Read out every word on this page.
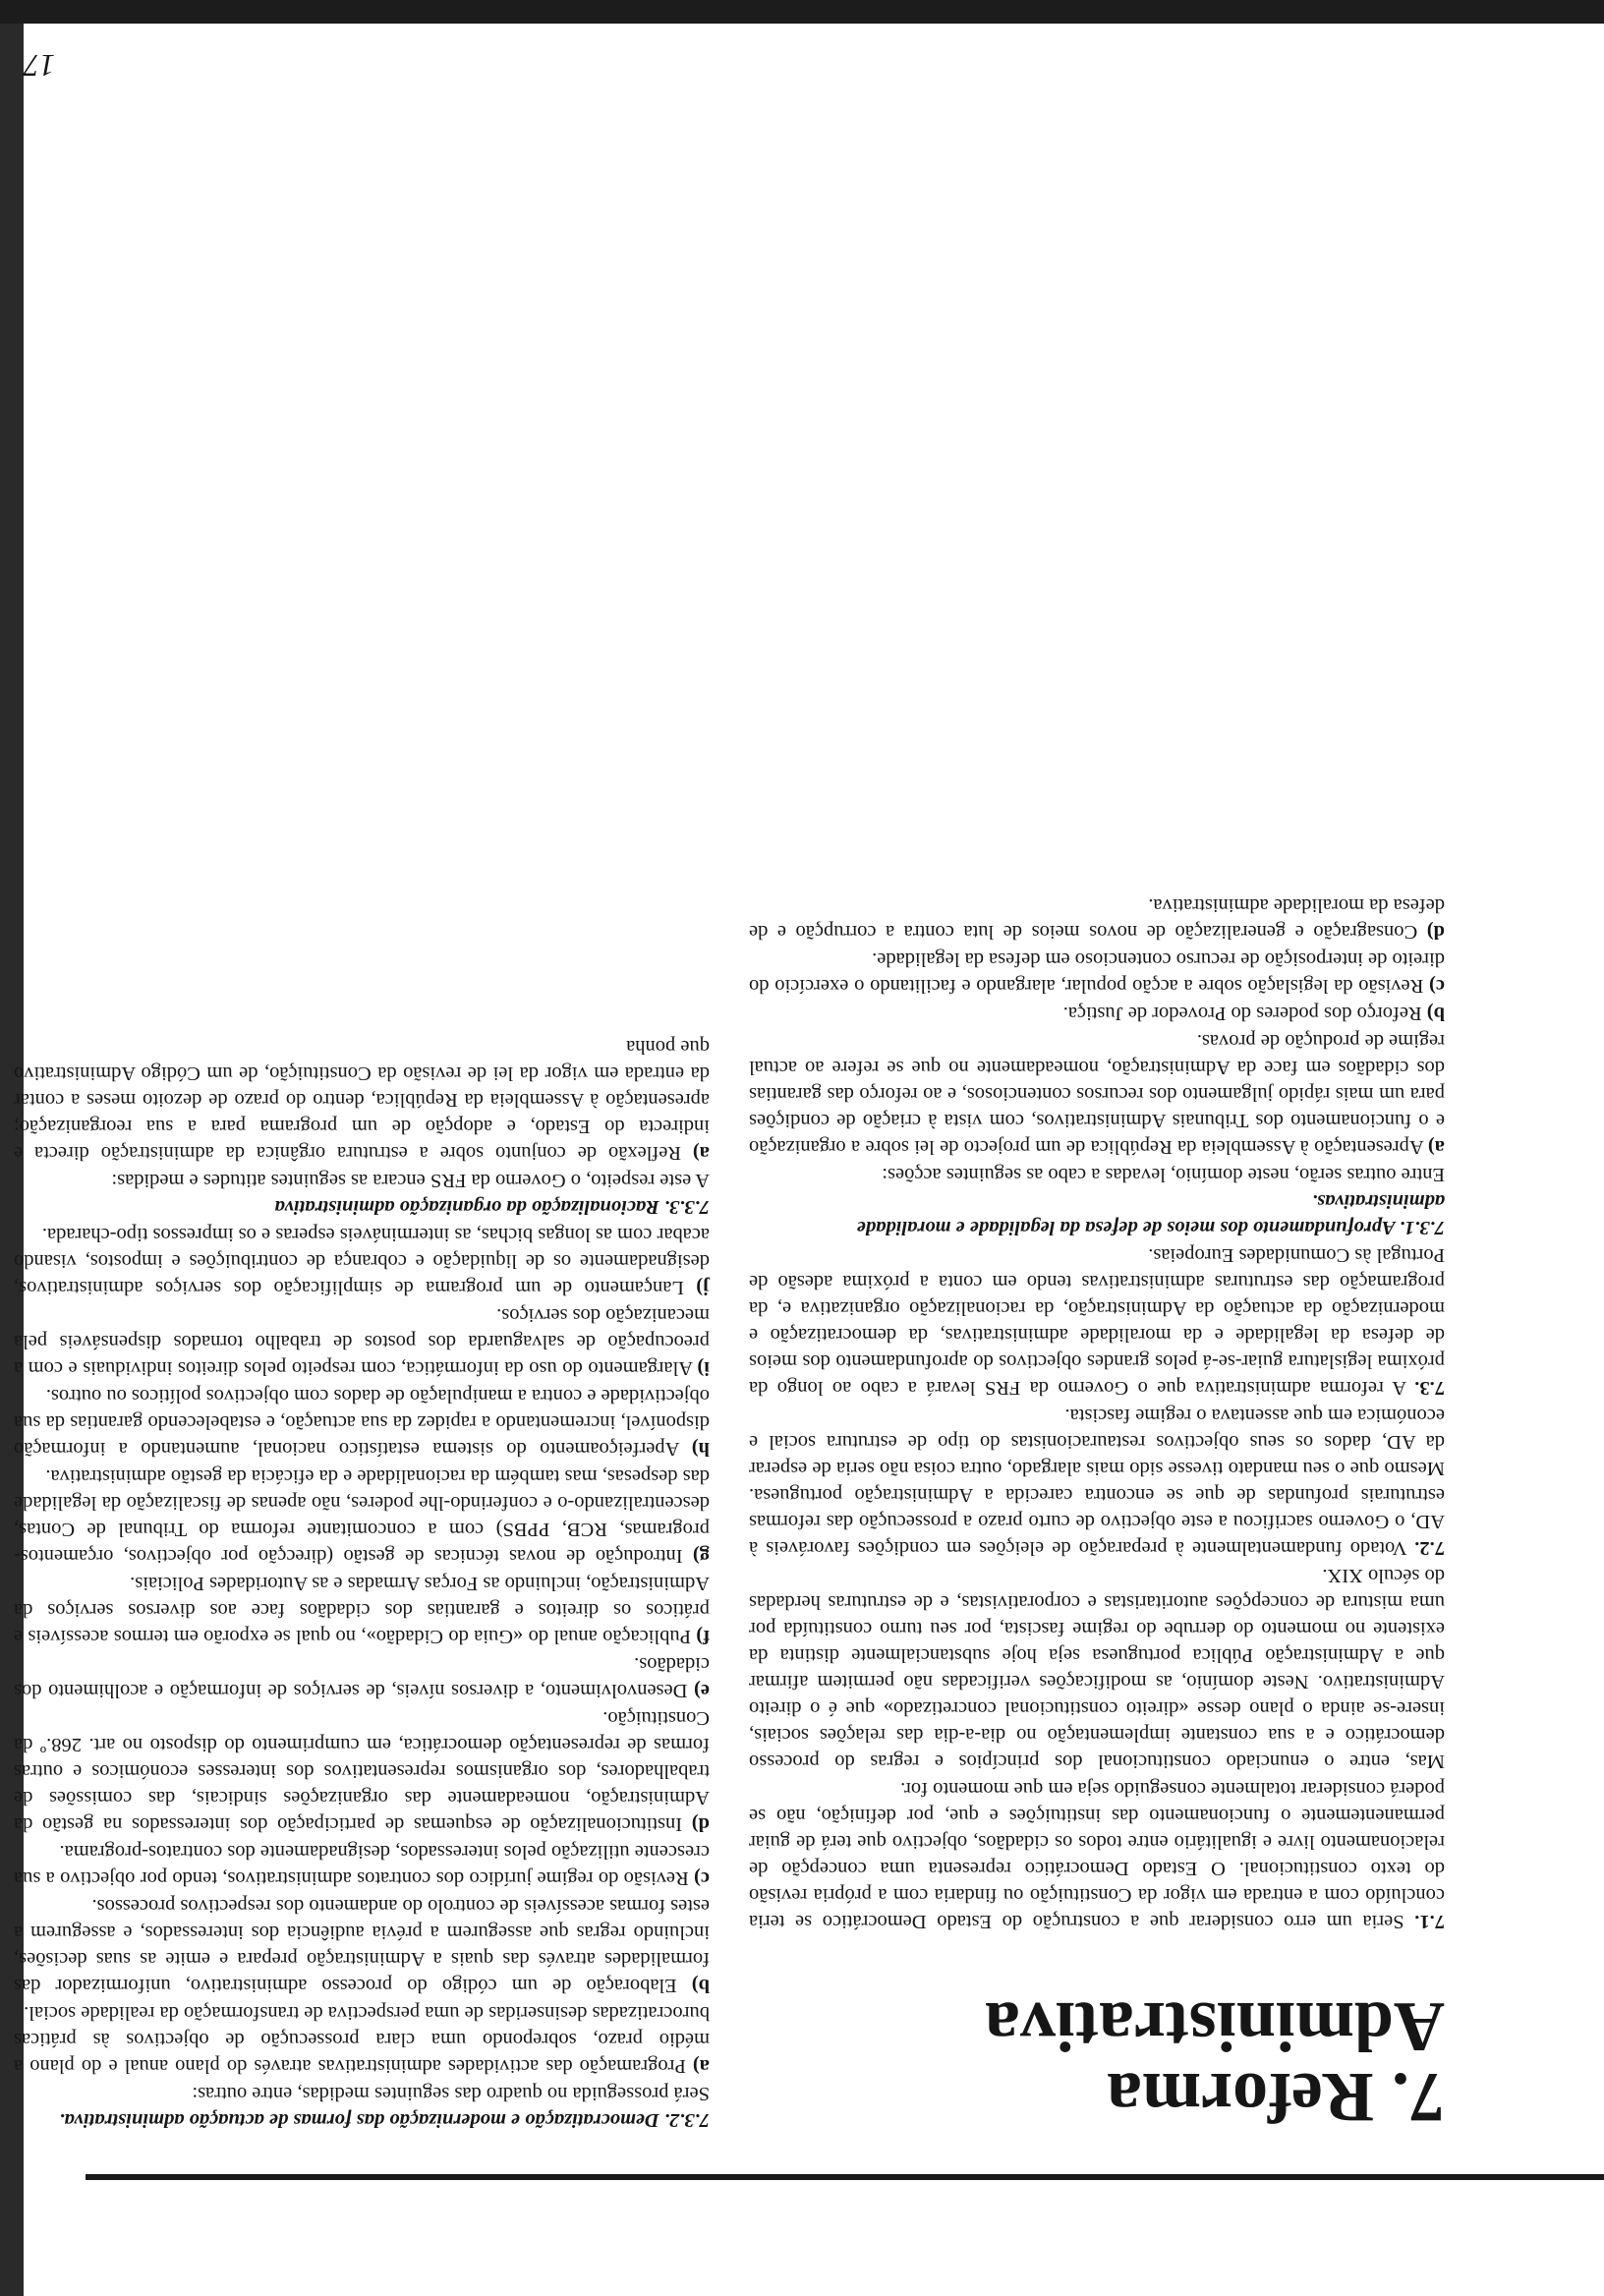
7. Reforma
Administrativa

7.1. Seria um erro considerar que a construção do Estado Democrático se teria concluído com a entrada em vigor da Constituição ou findaria com a própria revisão do texto constitucional. O Estado Democrático representa uma concepção de relacionamento livre e igualitário entre todos os cidadãos, objectivo que terá de guiar permanentemente o funcionamento das instituições e que, por definição, não se poderá considerar totalmente conseguido seja em que momento for.

Mas, entre o enunciado constitucional dos princípios e regras do processo democrático e a sua constante implementação no dia-a-dia das relações sociais, insere-se ainda o plano desse «direito constitucional concretizado» que é o direito Administrativo. Neste domínio, as modificações verificadas não permitem afirmar que a Administração Pública portuguesa seja hoje substancialmente distinta da existente no momento do derrube do regime fascista, por seu turno constituída por uma mistura de concepções autoritaristas e corporativistas, e de estruturas herdadas do século XIX.

7.2. Votado fundamentalmente à preparação de eleições em condições favoráveis à AD, o Governo sacrificou a este objectivo de curto prazo a prossecução das reformas estruturais profundas de que se encontra carecida a Administração portuguesa. Mesmo que o seu mandato tivesse sido mais alargado, outra coisa não seria de esperar da AD, dados os seus objectivos restauracionistas do tipo de estrutura social e económica em que assentava o regime fascista.

7.3. A reforma administrativa que o Governo da FRS levará a cabo ao longo da próxima legislatura guiar-se-á pelos grandes objectivos do aprofundamento dos meios de defesa da legalidade e da moralidade administrativas, da democratização e modernização da actuação da Administração, da racionalização organizativa e, da programação das estruturas administrativas tendo em conta a próxima adesão de Portugal às Comunidades Europeias.

7.3.1. Aprofundamento dos meios de defesa da legalidade e moralidade administrativas.

Entre outras serão, neste domínio, levadas a cabo as seguintes acções:

a) Apresentação à Assembleia da República de um projecto de lei sobre a organização e o funcionamento dos Tribunais Administrativos, com vista à criação de condições para um mais rápido julgamento dos recursos contenciosos, e ao reforço das garantias dos cidadãos em face da Administração, nomeadamente no que se refere ao actual regime de produção de provas.

b) Reforço dos poderes do Provedor de Justiça.

c) Revisão da legislação sobre a acção popular, alargando e facilitando o exercício do direito de interposição de recurso contencioso em defesa da legalidade.

d) Consagração e generalização de novos meios de luta contra a corrupção e de defesa da moralidade administrativa.

7.3.2. Democratização e modernização das formas de actuação administrativa.

Será prosseguida no quadro das seguintes medidas, entre outras:

a) Programação das actividades administrativas através do plano anual e do plano a médio prazo, sobrepondo uma clara prossecução de objectivos às práticas burocratizadas desinseridas de uma perspectiva de transformação da realidade social.

b) Elaboração de um código do processo administrativo, uniformizador das formalidades através das quais a Administração prepara e emite as suas decisões, incluindo regras que assegurem a prévia audiência dos interessados, e assegurem a estes formas acessíveis de controlo do andamento dos respectivos processos.

c) Revisão do regime jurídico dos contratos administrativos, tendo por objectivo a sua crescente utilização pelos interessados, designadamente dos contratos-programa.

d) Institucionalização de esquemas de participação dos interessados na gestão da Administração, nomeadamente das organizações sindicais, das comissões de trabalhadores, dos organismos representativos dos interesses económicos e outras formas de representação democrática, em cumprimento do disposto no art. 268.º da Constituição.

e) Desenvolvimento, a diversos níveis, de serviços de informação e acolhimento dos cidadãos.

f) Publicação anual do «Guia do Cidadão», no qual se exporão em termos acessíveis e práticos os direitos e garantias dos cidadãos face aos diversos serviços da Administração, incluindo as Forças Armadas e as Autoridades Policiais.

g) Introdução de novas técnicas de gestão (direcção por objectivos, orçamentos-programas, RCB, PPBS) com a concomitante reforma do Tribunal de Contas, descentralizando-o e conferindo-lhe poderes, não apenas de fiscalização da legalidade das despesas, mas também da racionalidade e da eficácia da gestão administrativa.

h) Aperfeiçoamento do sistema estatístico nacional, aumentando a informação disponível, incrementando a rapidez da sua actuação, e estabelecendo garantias da sua objectividade e contra a manipulação de dados com objectivos políticos ou outros.

i) Alargamento do uso da informática, com respeito pelos direitos individuais e com a preocupação de salvaguarda dos postos de trabalho tornados dispensáveis pela mecanização dos serviços.

j) Lançamento de um programa de simplificação dos serviços administrativos, designadamente os de liquidação e cobrança de contribuições e impostos, visando acabar com as longas bichas, as intermináveis esperas e os impressos tipo-charada.

7.3.3. Racionalização da organização administrativa

A este respeito, o Governo da FRS encara as seguintes atitudes e medidas:

a) Reflexão de conjunto sobre a estrutura orgânica da administração directa e indirecta do Estado, e adopção de um programa para a sua reorganização; apresentação à Assembleia da República, dentro do prazo de dezoito meses a contar da entrada em vigor da lei de revisão da Constituição, de um Código Administrativo que ponha

17
